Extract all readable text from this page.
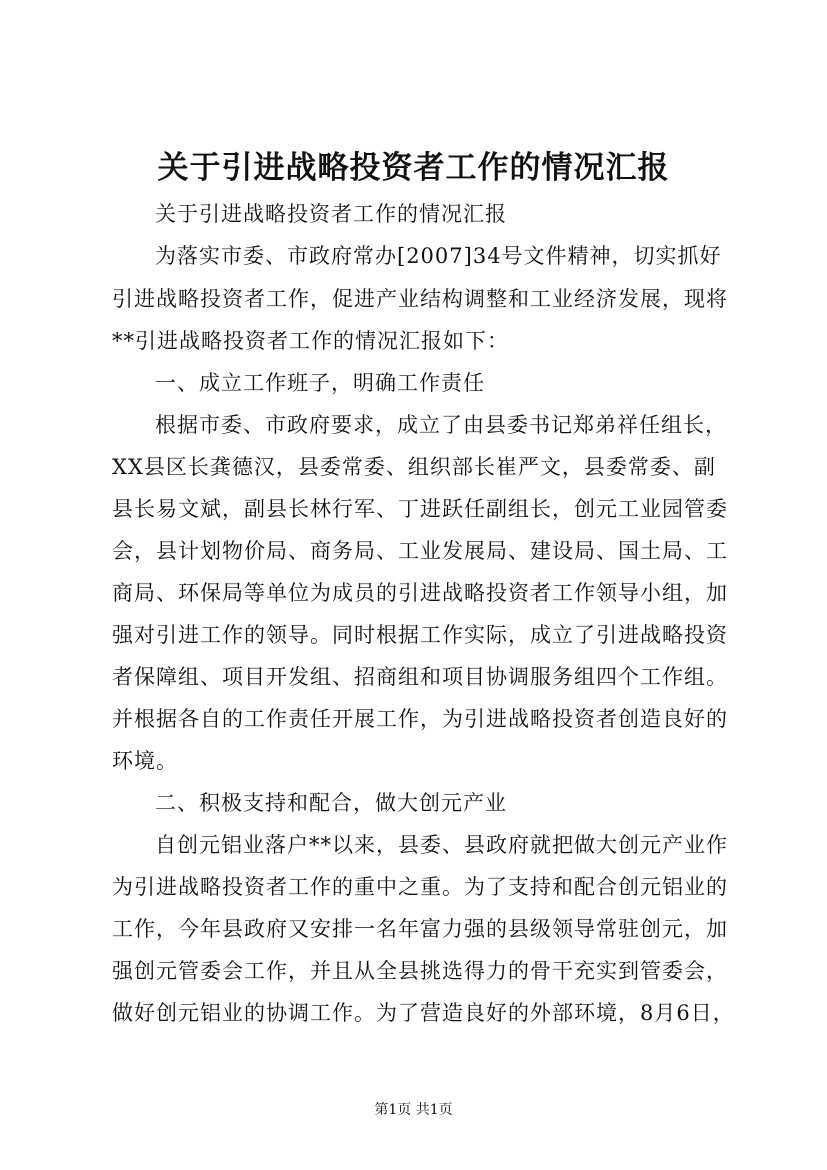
关于引进战略投资者工作的情况汇报
关于引进战略投资者工作的情况汇报
为落实市委、市政府常办[2007]34号文件精神，切实抓好
引进战略投资者工作，促进产业结构调整和工业经济发展，现将
**引进战略投资者工作的情况汇报如下：
一、成立工作班子，明确工作责任
根据市委、市政府要求，成立了由县委书记郑弟祥任组长，
XX县区长龚德汉，县委常委、组织部长崔严文，县委常委、副
县长易文斌，副县长林行军、丁进跃任副组长，创元工业园管委
会，县计划物价局、商务局、工业发展局、建设局、国土局、工
商局、环保局等单位为成员的引进战略投资者工作领导小组，加
强对引进工作的领导。同时根据工作实际，成立了引进战略投资
者保障组、项目开发组、招商组和项目协调服务组四个工作组。
并根据各自的工作责任开展工作，为引进战略投资者创造良好的
环境。
二、积极支持和配合，做大创元产业
自创元铝业落户**以来，县委、县政府就把做大创元产业作
为引进战略投资者工作的重中之重。为了支持和配合创元铝业的
工作，今年县政府又安排一名年富力强的县级领导常驻创元，加
强创元管委会工作，并且从全县挑选得力的骨干充实到管委会，
做好创元铝业的协调工作。为了营造良好的外部环境，8月6日，
第1页 共1页
